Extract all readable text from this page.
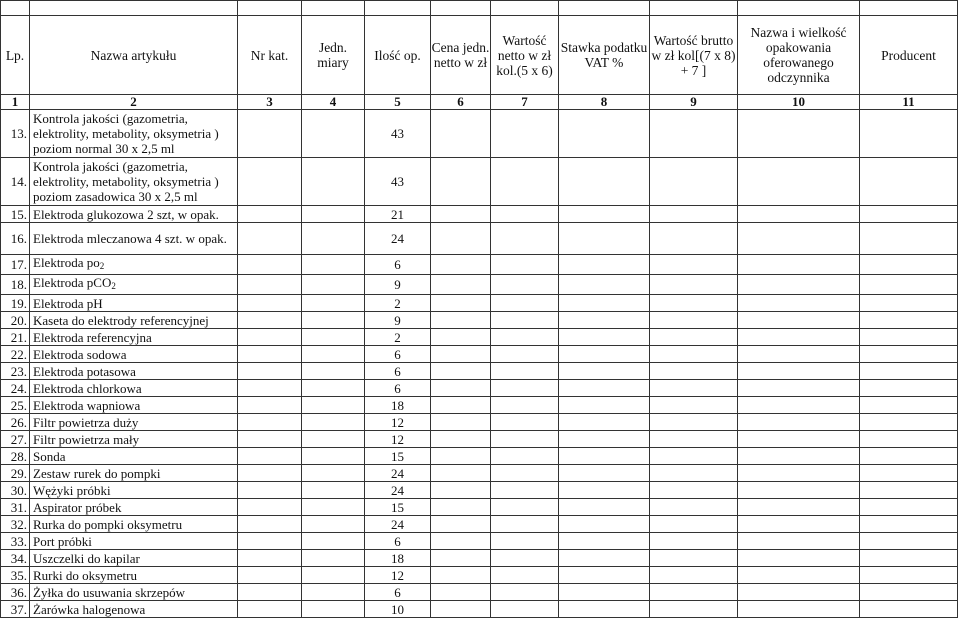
Lp.	Nazwa artykułu	Nr kat.	Jedn. miary	Ilość op.	Cena jedn. netto w zł	Wartość netto w zł kol.(5 x 6)	Stawka podatku VAT %	Wartość brutto w zł kol[(7 x 8) + 7 ]	Nazwa i wielkość opakowania oferowanego odczynnika	Producent
1	2	3	4	5	6	7	8	9	10	11
13.	Kontrola jakości (gazometria, elektrolity, metabolity, oksymetria ) poziom normal 30 x 2,5 ml			43						
14.	Kontrola jakości (gazometria, elektrolity, metabolity, oksymetria ) poziom zasadowica 30 x 2,5 ml			43						
15.	Elektroda glukozowa 2 szt, w opak.			21						
16.	Elektroda mleczanowa 4 szt. w opak.			24						
17.	Elektroda $po_2$			6						
18.	Elektroda pCO$_2$			9						
19.	Elektroda pH			2						
20.	Kaseta do elektrody referencyjnej			9						
21.	Elektroda referencyjna			2						
22.	Elektroda sodowa			6						
23.	Elektroda potasowa			6						
24.	Elektroda chlorkowa			6						
25.	Elektroda wapniowa			18						
26.	Filtr powietrza duży			12						
27.	Filtr powietrza mały			12						
28.	Sonda			15						
29.	Zestaw rurek do pompki			24						
30.	Wężyki próbki			24						
31.	Aspirator próbek			15						
32.	Rurka do pompki oksymetru			24						
33.	Port próbki			6						
34.	Uszczelki do kapilar			18						
35.	Rurki do oksymetru			12						
36.	Żyłka do usuwania skrzepów			6						
37.	Żarówka halogenowa			10						
